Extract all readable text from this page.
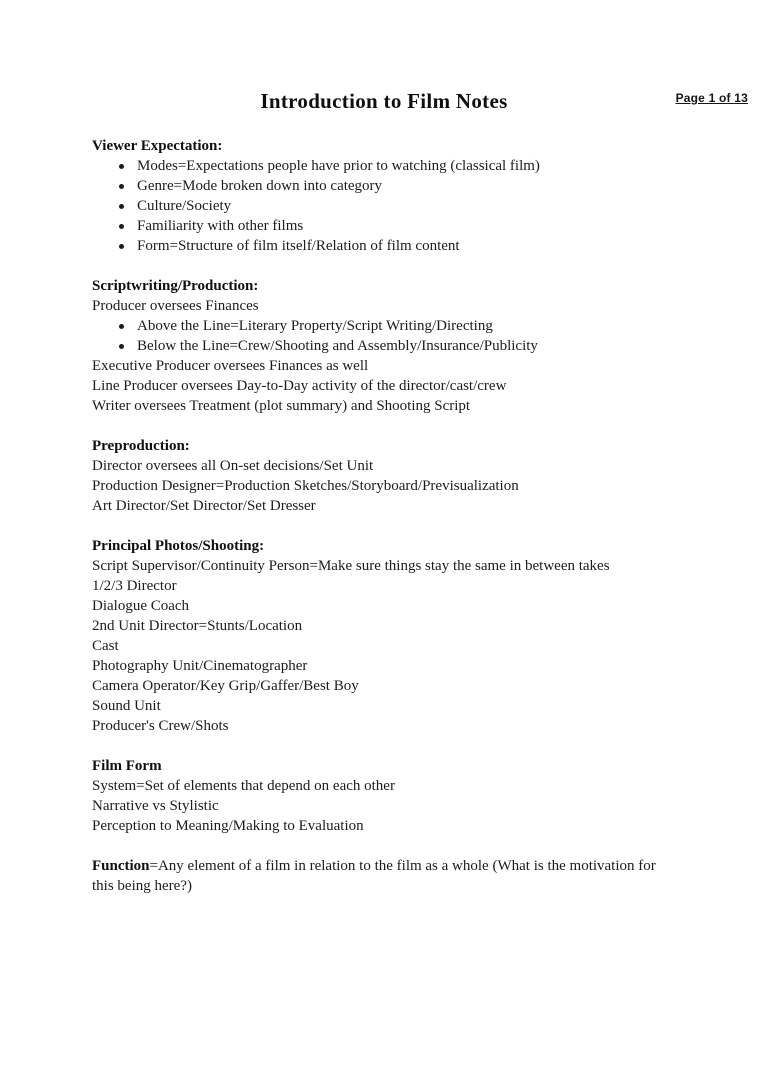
Page 1 of 13
Introduction to Film Notes
Viewer Expectation:
Modes=Expectations people have prior to watching (classical film)
Genre=Mode broken down into category
Culture/Society
Familiarity with other films
Form=Structure of film itself/Relation of film content
Scriptwriting/Production:
Producer oversees Finances
Above the Line=Literary Property/Script Writing/Directing
Below the Line=Crew/Shooting and Assembly/Insurance/Publicity
Executive Producer oversees Finances as well
Line Producer oversees Day-to-Day activity of the director/cast/crew
Writer oversees Treatment (plot summary) and Shooting Script
Preproduction:
Director oversees all On-set decisions/Set Unit
Production Designer=Production Sketches/Storyboard/Previsualization
Art Director/Set Director/Set Dresser
Principal Photos/Shooting:
Script Supervisor/Continuity Person=Make sure things stay the same in between takes
1/2/3 Director
Dialogue Coach
2nd Unit Director=Stunts/Location
Cast
Photography Unit/Cinematographer
Camera Operator/Key Grip/Gaffer/Best Boy
Sound Unit
Producer's Crew/Shots
Film Form
System=Set of elements that depend on each other
Narrative vs Stylistic
Perception to Meaning/Making to Evaluation
Function=Any element of a film in relation to the film as a whole (What is the motivation for this being here?)
